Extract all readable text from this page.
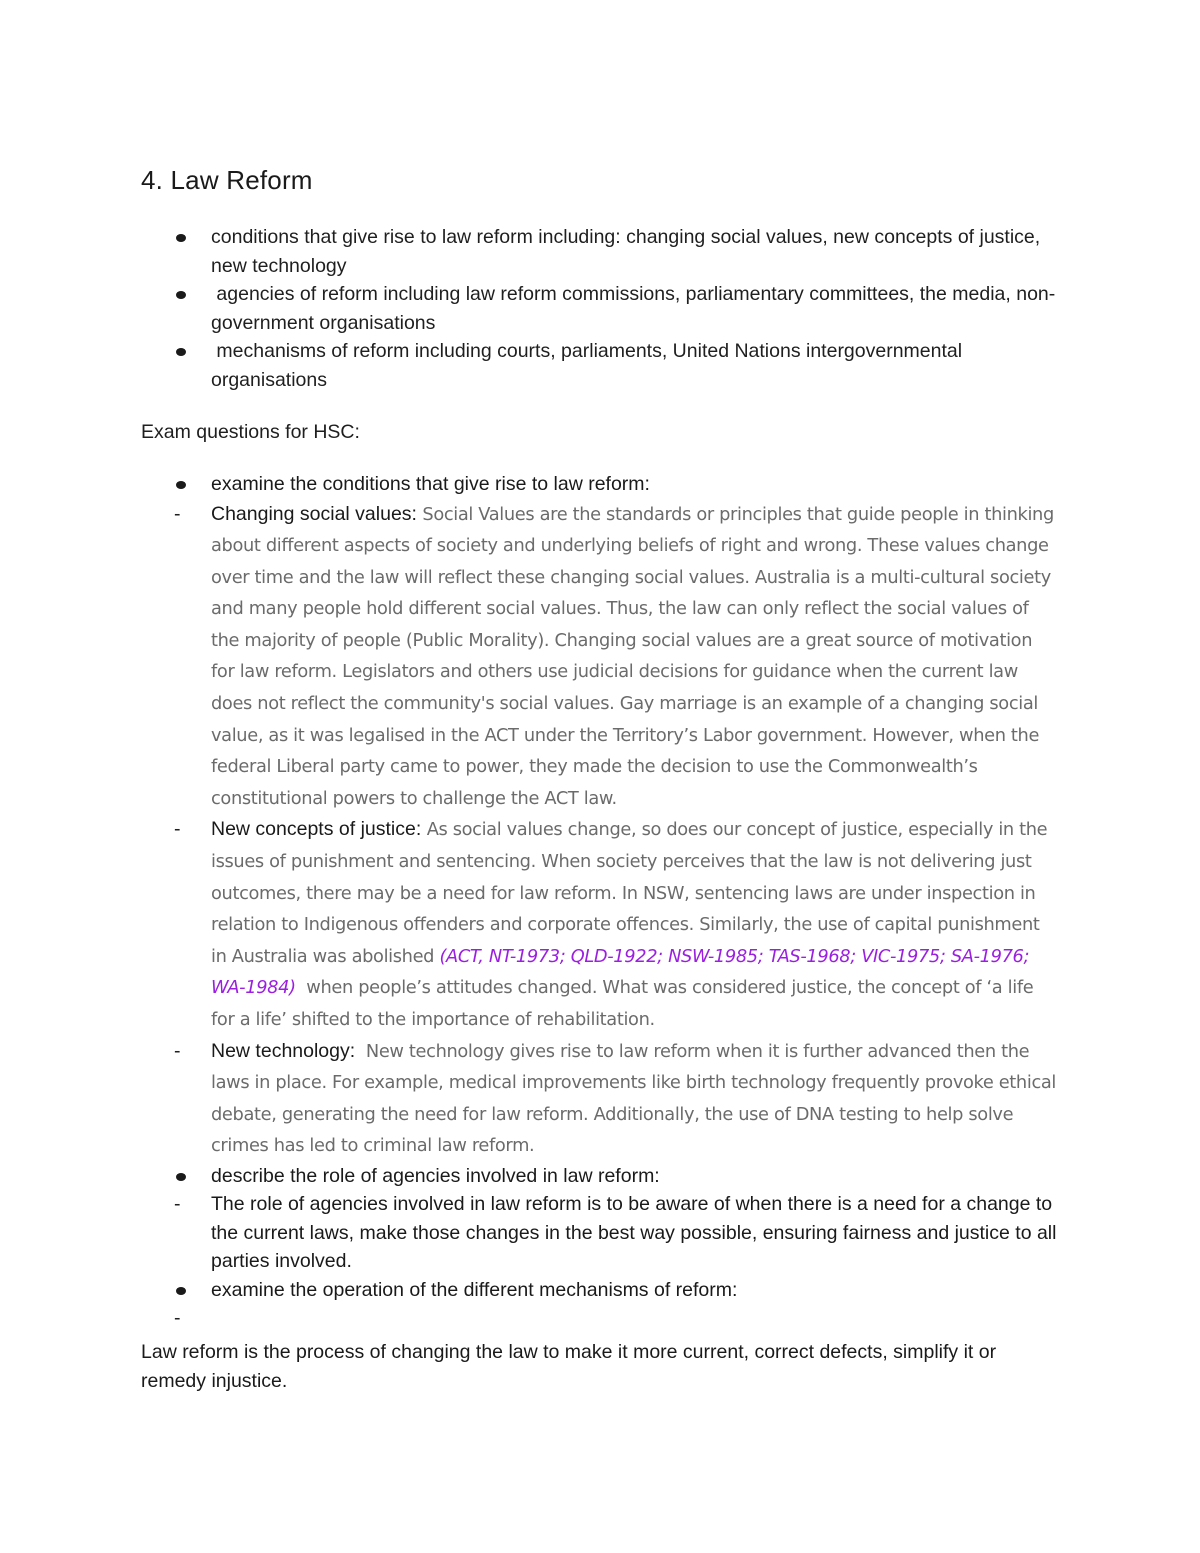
4. Law Reform
conditions that give rise to law reform including: changing social values, new concepts of justice, new technology
agencies of reform including law reform commissions, parliamentary committees, the media, non-government organisations
mechanisms of reform including courts, parliaments, United Nations intergovernmental organisations

Exam questions for HSC:

examine the conditions that give rise to law reform:
- Changing social values: Social Values are the standards or principles that guide people in thinking about different aspects of society and underlying beliefs of right and wrong. These values change over time and the law will reflect these changing social values. Australia is a multi-cultural society and many people hold different social values. Thus, the law can only reflect the social values of the majority of people (Public Morality). Changing social values are a great source of motivation for law reform. Legislators and others use judicial decisions for guidance when the current law does not reflect the community's social values. Gay marriage is an example of a changing social value, as it was legalised in the ACT under the Territory’s Labor government. However, when the federal Liberal party came to power, they made the decision to use the Commonwealth’s constitutional powers to challenge the ACT law.
- New concepts of justice: As social values change, so does our concept of justice, especially in the issues of punishment and sentencing. When society perceives that the law is not delivering just outcomes, there may be a need for law reform. In NSW, sentencing laws are under inspection in relation to Indigenous offenders and corporate offences. Similarly, the use of capital punishment in Australia was abolished (ACT, NT-1973; QLD-1922; NSW-1985; TAS-1968; VIC-1975; SA-1976; WA-1984)  when people’s attitudes changed. What was considered justice, the concept of ‘a life for a life’ shifted to the importance of rehabilitation.
- New technology:  New technology gives rise to law reform when it is further advanced then the laws in place. For example, medical improvements like birth technology frequently provoke ethical debate, generating the need for law reform. Additionally, the use of DNA testing to help solve crimes has led to criminal law reform.
describe the role of agencies involved in law reform:
- The role of agencies involved in law reform is to be aware of when there is a need for a change to the current laws, make those changes in the best way possible, ensuring fairness and justice to all parties involved.
examine the operation of the different mechanisms of reform:
-

Law reform is the process of changing the law to make it more current, correct defects, simplify it or remedy injustice.
